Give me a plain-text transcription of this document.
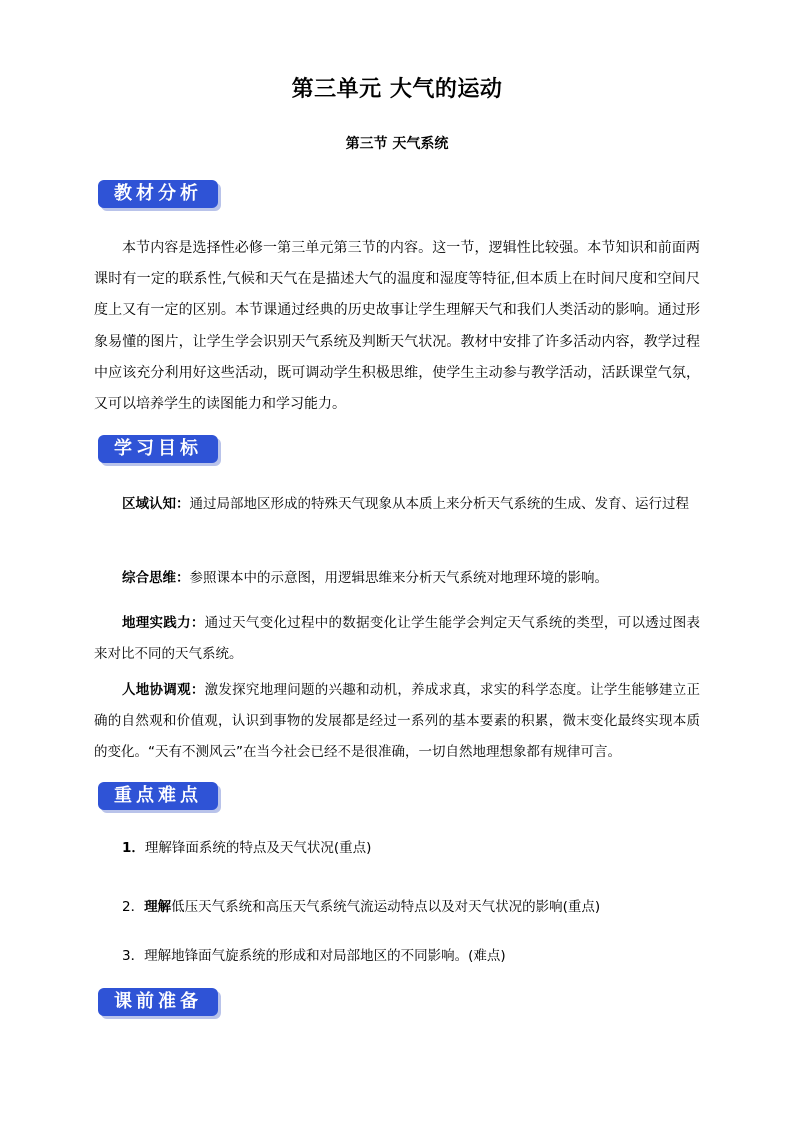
第三单元 大气的运动
第三节 天气系统
教材分析

本节内容是选择性必修一第三单元第三节的内容。这一节，逻辑性比较强。本节知识和前面两课时有一定的联系性,气候和天气在是描述大气的温度和湿度等特征,但本质上在时间尺度和空间尺度上又有一定的区别。本节课通过经典的历史故事让学生理解天气和我们人类活动的影响。通过形象易懂的图片，让学生学会识别天气系统及判断天气状况。教材中安排了许多活动内容，教学过程中应该充分利用好这些活动，既可调动学生积极思维，使学生主动参与教学活动，活跃课堂气氛，又可以培养学生的读图能力和学习能力。

学习目标

区域认知：通过局部地区形成的特殊天气现象从本质上来分析天气系统的生成、发育、运行过程

综合思维：参照课本中的示意图，用逻辑思维来分析天气系统对地理环境的影响。

地理实践力：通过天气变化过程中的数据变化让学生能学会判定天气系统的类型，可以透过图表来对比不同的天气系统。

人地协调观：激发探究地理问题的兴趣和动机，养成求真，求实的科学态度。让学生能够建立正确的自然观和价值观，认识到事物的发展都是经过一系列的基本要素的积累，微末变化最终实现本质的变化。“天有不测风云”在当今社会已经不是很准确，一切自然地理想象都有规律可言。

重点难点

1．理解锋面系统的特点及天气状况(重点)

2．理解低压天气系统和高压天气系统气流运动特点以及对天气状况的影响(重点)

3．理解地锋面气旋系统的形成和对局部地区的不同影响。(难点)

课前准备
